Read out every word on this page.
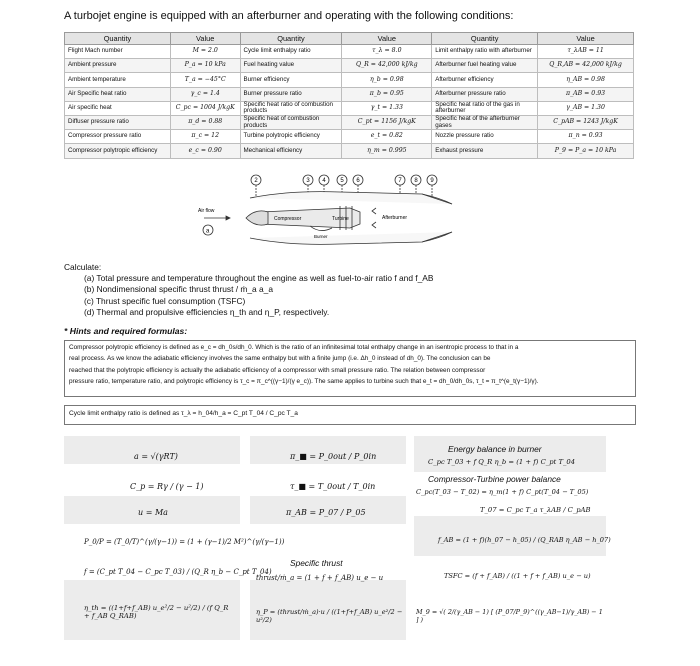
A turbojet engine is equipped with an afterburner and operating with the following conditions:
Quantity	Value	Quantity	Value	Quantity	Value
Flight Mach number	M = 2.0	Cycle limit enthalpy ratio	τ_λ = 8.0	Limit enthalpy ratio with afterburner	τ_λAB = 11
Ambient pressure	P_a = 10 kPa	Fuel heating value	Q_R = 42,000 kJ/kg	Afterburner fuel heating value	Q_R,AB = 42,000 kJ/kg
Ambient temperature	T_a = −45°C	Burner efficiency	η_b = 0.98	Afterburner efficiency	η_AB = 0.98
Air Specific heat ratio	γ_c = 1.4	Burner pressure ratio	π_b = 0.95	Afterburner pressure ratio	π_AB = 0.93
Air specific heat	C_pc = 1004 J/kgK	Specific heat ratio of combustion products	γ_t = 1.33	Specific heat ratio of the gas in afterburner	γ_AB = 1.30
Diffuser pressure ratio	π_d = 0.88	Specific heat of combustion products	C_pt = 1156 J/kgK	Specific heat of the afterburner gases	C_pAB = 1243 J/kgK
Compressor pressure ratio	π_c = 12	Turbine polytropic efficiency	e_t = 0.82	Nozzle pressure ratio	π_n = 0.93
Compressor polytropic efficiency	e_c = 0.90	Mechanical efficiency	η_m = 0.995	Exhaust pressure	P_9 = P_a = 10 kPa
Air flow
a
Compressor	Turbine
Burner
Afterburner
2	3 4 5 6	7 8 9
Calculate:
(a) Total pressure and temperature throughout the engine as well as fuel-to-air ratio f and f_AB
(b) Nondimensional specific thrust thrust / ṁ_a a_a
(c) Thrust specific fuel consumption (TSFC)
(d) Thermal and propulsive efficiencies η_th and η_P, respectively.
* Hints and required formulas:
Compressor polytropic efficiency is defined as e_c = dh_0s/dh_0. Which is the ratio of an infinitesimal total enthalpy change in an isentropic process to that in a
real process. As we know the adiabatic efficiency involves the same enthalpy but with a finite jump (i.e. Δh_0 instead of dh_0). The conclusion can be
reached that the polytropic efficiency is actually the adiabatic efficiency of a compressor with small pressure ratio. The relation between compressor
pressure ratio, temperature ratio, and polytropic efficiency is τ_c = π_c^((γ−1)/(γ e_c)). The same applies to turbine such that e_t = dh_0/dh_0s, τ_t = π_t^(e_t(γ−1)/γ).
Cycle limit enthalpy ratio is defined as τ_λ = h_04/h_a = C_pt T_04 / C_pc T_a
a = √(γRT)
C_p = Rγ / (γ − 1)
u = Ma
P_0/P = (T_0/T)^(γ/(γ−1)) = (1 + (γ−1)/2 M²)^(γ/(γ−1))
f = (C_pt T_04 − C_pc T_03) / (Q_R η_b − C_pt T_04)
η_th = ((1+f+f_AB) u_e²/2 − u²/2) / (f Q_R + f_AB Q_RAB)
π_■ = P_0out / P_0in
τ_■ = T_0out / T_0in
π_AB = P_07 / P_05
Specific thrust
thrust/ṁ_a = (1 + f + f_AB) u_e − u
η_P = (thrust/ṁ_a)·u / ((1+f+f_AB) u_e²/2 − u²/2)
Energy balance in burner
C_pc T_03 + f Q_R η_b = (1 + f) C_pt T_04
Compressor-Turbine power balance
C_pc(T_03 − T_02) = η_m(1 + f) C_pt(T_04 − T_05)
T_07 = C_pc T_a τ_λAB / C_pAB
f_AB = (1 + f)(h_07 − h_05) / (Q_RAB η_AB − h_07)
TSFC = (f + f_AB) / ((1 + f + f_AB) u_e − u)
M_9 = √( 2/(γ_AB − 1) [ (P_07/P_9)^((γ_AB−1)/γ_AB) − 1 ] )
